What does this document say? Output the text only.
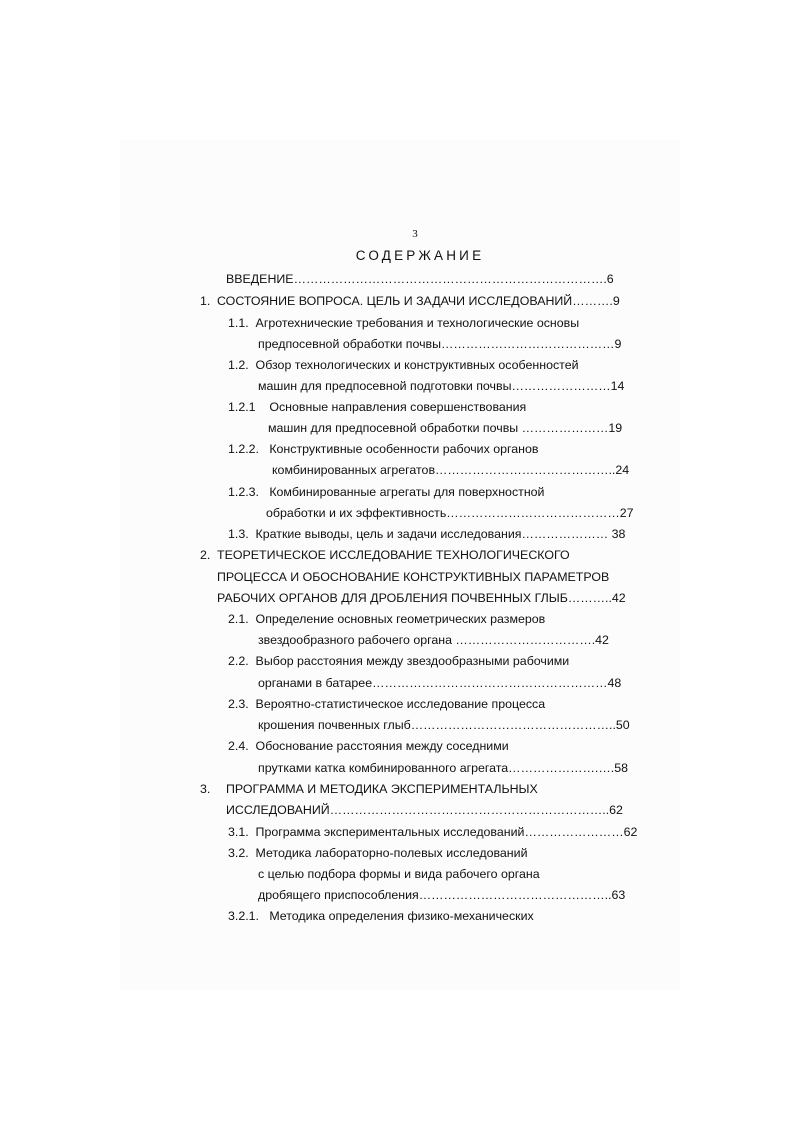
3
СОДЕРЖАНИЕ
ВВЕДЕНИЕ………………………………………………………………….6
1. СОСТОЯНИЕ ВОПРОСА. ЦЕЛЬ И ЗАДАЧИ ИССЛЕДОВАНИЙ……….9
1.1.  Агротехнические требования и технологические основы
предпосевной обработки почвы……………………………………9
1.2.  Обзор технологических и конструктивных особенностей
машин для предпосевной подготовки почвы……………………14
1.2.1    Основные направления совершенствования
машин для предпосевной обработки почвы …………………19
1.2.2.   Конструктивные особенности рабочих органов
комбинированных агрегатов……………………………………..24
1.2.3.   Комбинированные агрегаты для поверхностной
обработки и их эффективность……………………………………27
1.3.  Краткие выводы, цель и задачи исследования………………… 38
2. ТЕОРЕТИЧЕСКОЕ ИССЛЕДОВАНИЕ ТЕХНОЛОГИЧЕСКОГО
ПРОЦЕССА И ОБОСНОВАНИЕ КОНСТРУКТИВНЫХ ПАРАМЕТРОВ
РАБОЧИХ ОРГАНОВ ДЛЯ ДРОБЛЕНИЯ ПОЧВЕННЫХ ГЛЫБ………..42
2.1.  Определение основных геометрических размеров
звездообразного рабочего органа …………………………….42
2.2.  Выбор расстояния между звездообразными рабочими
органами в батарее…………………………………………………48
2.3.  Вероятно-статистическое исследование процесса
крошения почвенных глыб…………………………………………..50
2.4.  Обоснование расстояния между соседними
прутками катка комбинированного агрегата………………….….58
3. ПРОГРАММА И МЕТОДИКА ЭКСПЕРИМЕНТАЛЬНЫХ
ИССЛЕДОВАНИЙ…………………………………………………………..62
3.1.  Программа экспериментальных исследований……………………62
3.2.  Методика лабораторно-полевых исследований
с целью подбора формы и вида рабочего органа
дробящего приспособления………………………………………..63
3.2.1.   Методика определения физико-механических
